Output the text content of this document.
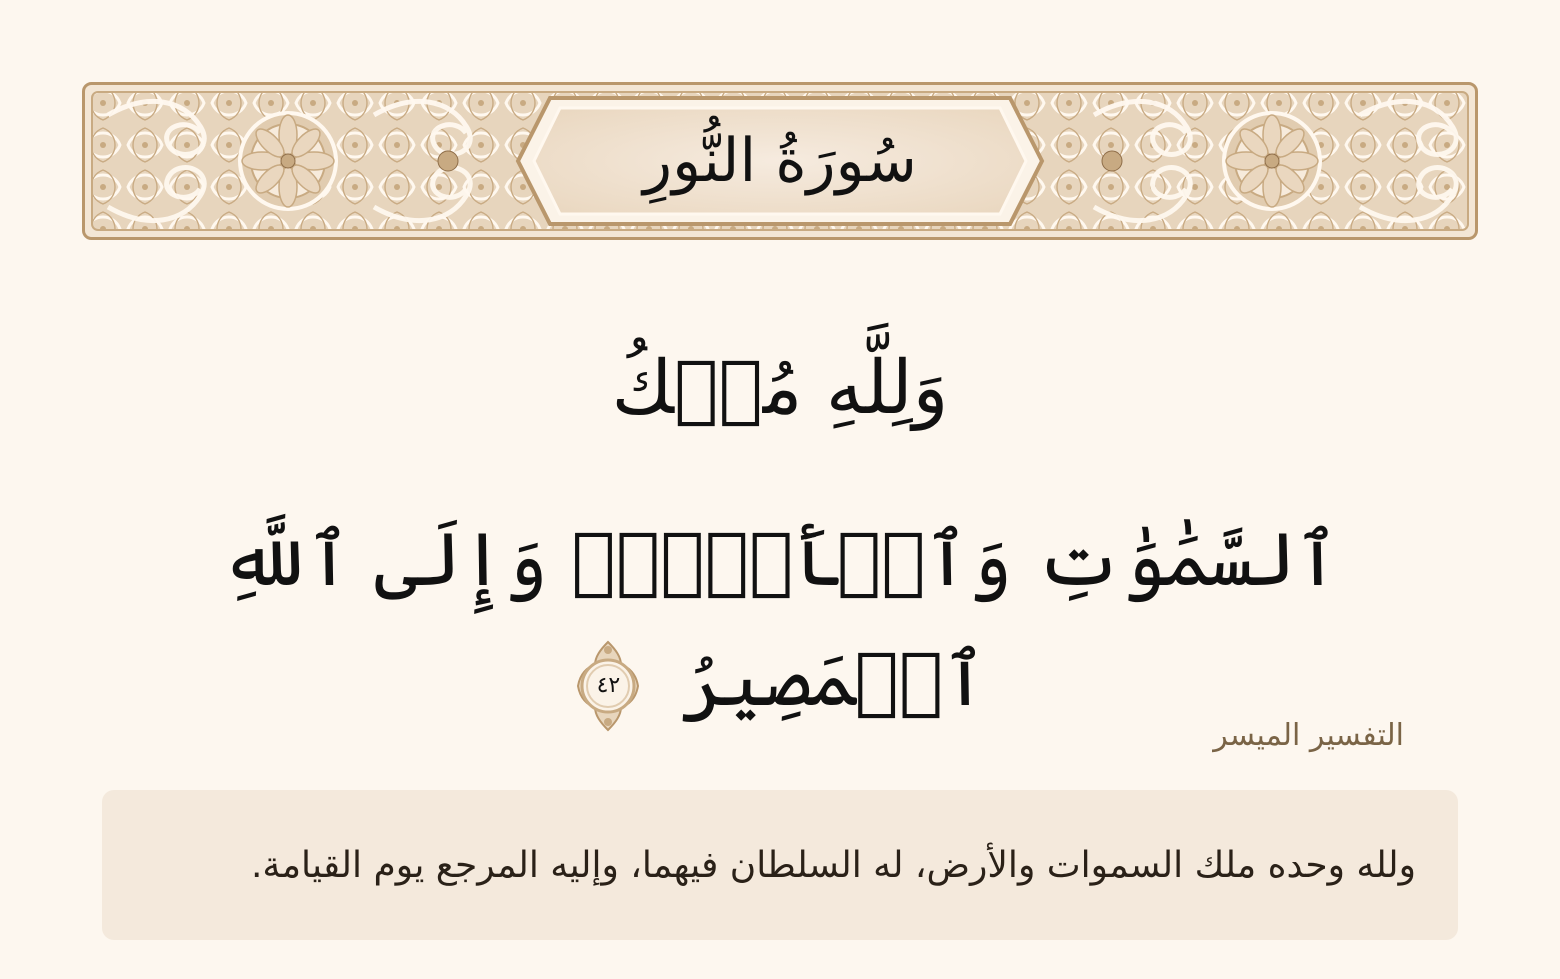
سُورَةُ النُّورِ
وَلِلَّهِ مُلۡكُ
ٱلسَّمَٰوَٰتِ وَٱلۡأَرۡضِۖ وَإِلَى ٱللَّهِ ٱلۡمَصِيرُ
٤٢
التفسير الميسر
ولله وحده ملك السموات والأرض، له السلطان فيهما، وإليه المرجع يوم القيامة.
